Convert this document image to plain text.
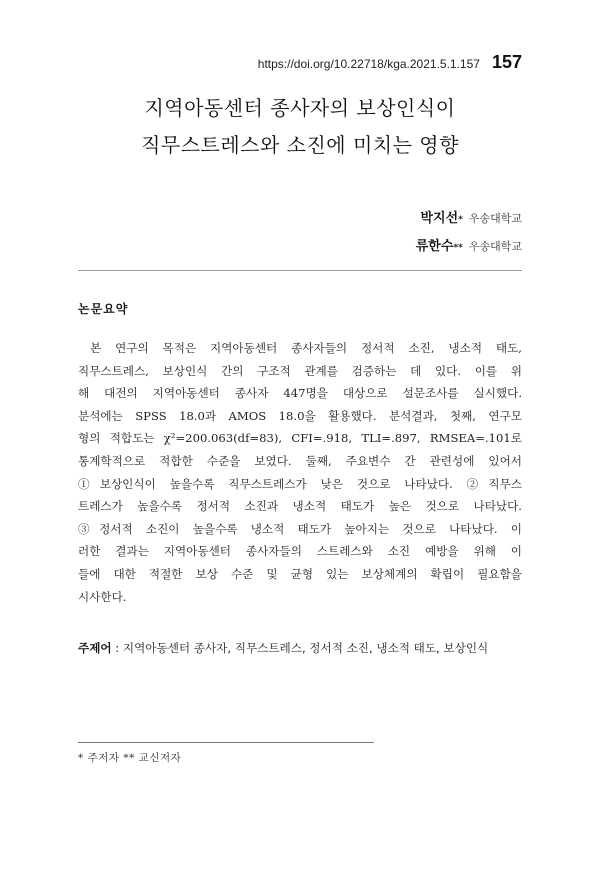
https://doi.org/10.22718/kga.2021.5.1.157 157
지역아동센터 종사자의 보상인식이
직무스트레스와 소진에 미치는 영향
박지선* 우송대학교
류한수** 우송대학교
논문요약
본 연구의 목적은 지역아동센터 종사자들의 정서적 소진, 냉소적 태도,
직무스트레스, 보상인식 간의 구조적 관계를 검증하는 데 있다. 이를 위
해 대전의 지역아동센터 종사자 447명을 대상으로 설문조사를 실시했다.
분석에는 SPSS 18.0과 AMOS 18.0을 활용했다. 분석결과, 첫째, 연구모
형의 적합도는 χ²=200.063(df=83), CFI=.918, TLI=.897, RMSEA=.101로
통계학적으로 적합한 수준을 보였다. 둘째, 주요변수 간 관련성에 있어서
①보상인식이 높을수록 직무스트레스가 낮은 것으로 나타났다. ②직무스
트레스가 높을수록 정서적 소진과 냉소적 태도가 높은 것으로 나타났다.
③정서적 소진이 높을수록 냉소적 태도가 높아지는 것으로 나타났다. 이
러한 결과는 지역아동센터 종사자들의 스트레스와 소진 예방을 위해 이
들에 대한 적절한 보상 수준 및 균형 있는 보상체계의 확립이 필요함을
시사한다.
주제어 : 지역아동센터 종사자, 직무스트레스, 정서적 소진, 냉소적 태도, 보상인식
* 주저자 ** 교신저자
